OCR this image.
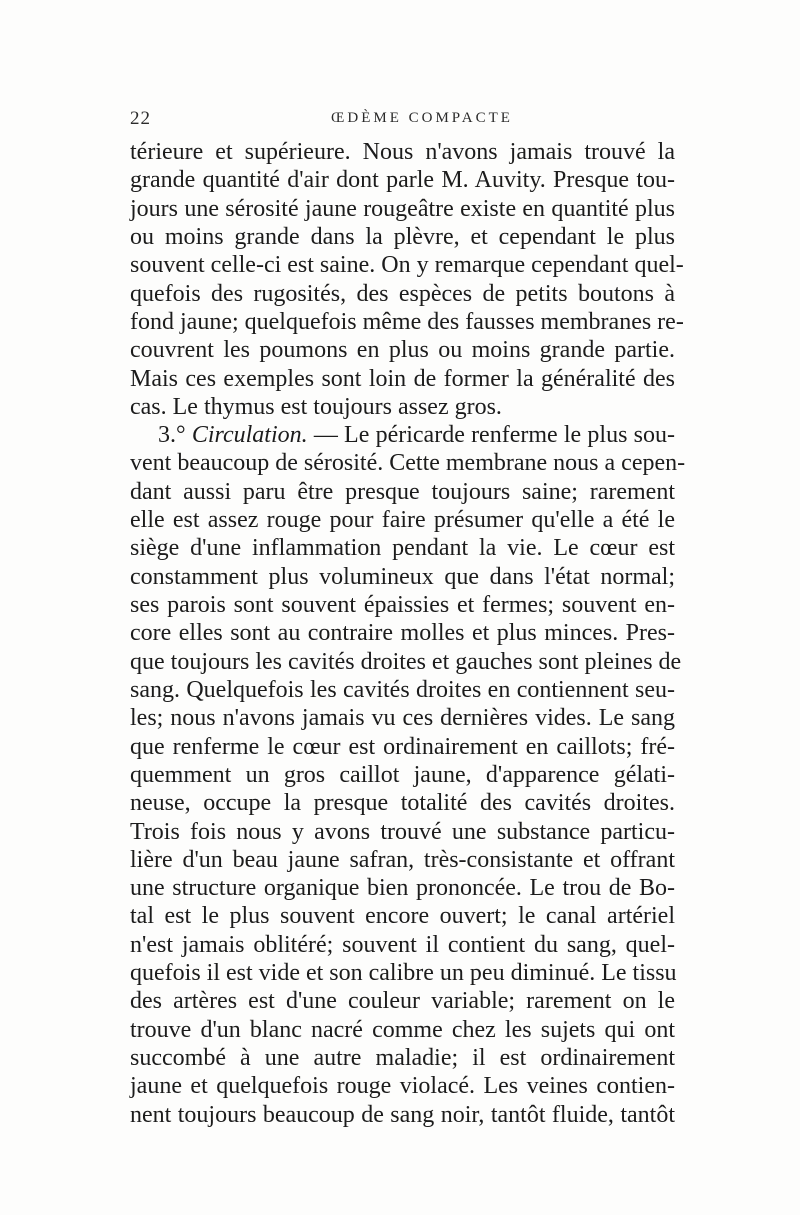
22	ŒDÈME COMPACTE
térieure et supérieure. Nous n'avons jamais trouvé la
grande quantité d'air dont parle M. Auvity. Presque tou-
jours une sérosité jaune rougeâtre existe en quantité plus
ou moins grande dans la plèvre, et cependant le plus
souvent celle-ci est saine. On y remarque cependant quel-
quefois des rugosités, des espèces de petits boutons à
fond jaune; quelquefois même des fausses membranes re-
couvrent les poumons en plus ou moins grande partie.
Mais ces exemples sont loin de former la généralité des
cas. Le thymus est toujours assez gros.
3.° Circulation. — Le péricarde renferme le plus sou-
vent beaucoup de sérosité. Cette membrane nous a cepen-
dant aussi paru être presque toujours saine; rarement
elle est assez rouge pour faire présumer qu'elle a été le
siège d'une inflammation pendant la vie. Le cœur est
constamment plus volumineux que dans l'état normal;
ses parois sont souvent épaissies et fermes; souvent en-
core elles sont au contraire molles et plus minces. Pres-
que toujours les cavités droites et gauches sont pleines de
sang. Quelquefois les cavités droites en contiennent seu-
les; nous n'avons jamais vu ces dernières vides. Le sang
que renferme le cœur est ordinairement en caillots; fré-
quemment un gros caillot jaune, d'apparence gélati-
neuse, occupe la presque totalité des cavités droites.
Trois fois nous y avons trouvé une substance particu-
lière d'un beau jaune safran, très-consistante et offrant
une structure organique bien prononcée. Le trou de Bo-
tal est le plus souvent encore ouvert; le canal artériel
n'est jamais oblitéré; souvent il contient du sang, quel-
quefois il est vide et son calibre un peu diminué. Le tissu
des artères est d'une couleur variable; rarement on le
trouve d'un blanc nacré comme chez les sujets qui ont
succombé à une autre maladie; il est ordinairement
jaune et quelquefois rouge violacé. Les veines contien-
nent toujours beaucoup de sang noir, tantôt fluide, tantôt
